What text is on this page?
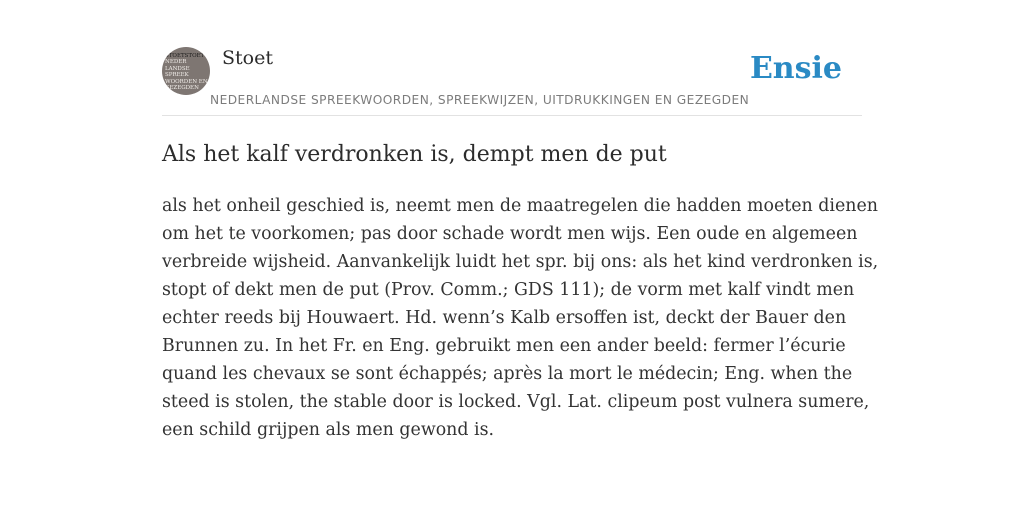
STOETSTOET
NEDER
LANDSE
SPREEK
WOORDEN EN
GEZEGDEN
Stoet
NEDERLANDSE SPREEKWOORDEN, SPREEKWIJZEN, UITDRUKKINGEN EN GEZEGDEN
Ensie
Als het kalf verdronken is, dempt men de put

als het onheil geschied is, neemt men de maatregelen die hadden moeten dienen
om het te voorkomen; pas door schade wordt men wijs. Een oude en algemeen
verbreide wijsheid. Aanvankelijk luidt het spr. bij ons: als het kind verdronken is,
stopt of dekt men de put (Prov. Comm.; GDS 111); de vorm met kalf vindt men
echter reeds bij Houwaert. Hd. wenn’s Kalb ersoffen ist, deckt der Bauer den
Brunnen zu. In het Fr. en Eng. gebruikt men een ander beeld: fermer l’écurie
quand les chevaux se sont échappés; après la mort le médecin; Eng. when the
steed is stolen, the stable door is locked. Vgl. Lat. clipeum post vulnera sumere,
een schild grijpen als men gewond is.
